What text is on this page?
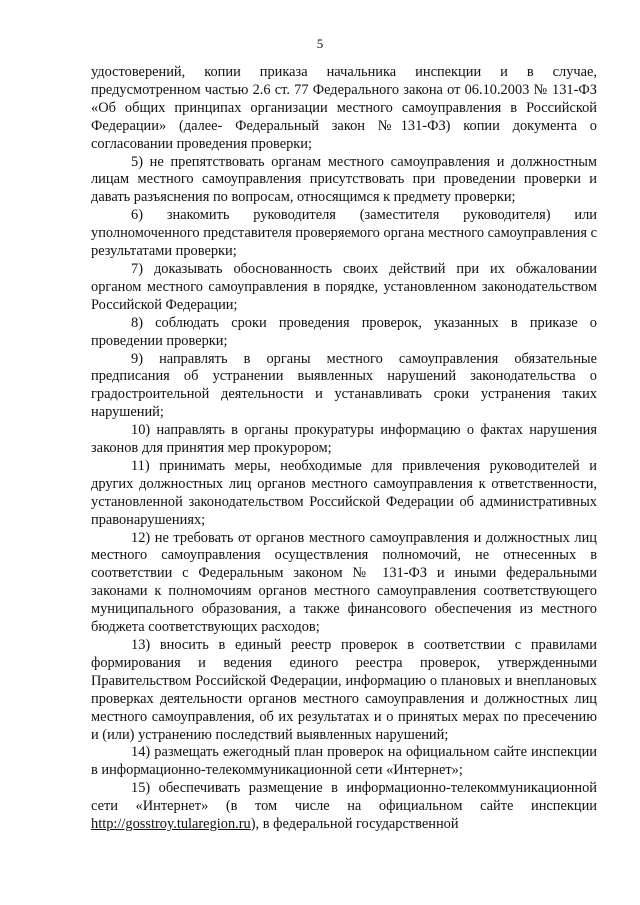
5

удостоверений, копии приказа начальника инспекции и в случае, предусмотренном частью 2.6 ст. 77 Федерального закона от 06.10.2003 № 131-ФЗ «Об общих принципах организации местного самоуправления в Российской Федерации» (далее- Федеральный закон №131-ФЗ) копии документа о согласовании проведения проверки;

5) не препятствовать органам местного самоуправления и должностным лицам местного самоуправления присутствовать при проведении проверки и давать разъяснения по вопросам, относящимся к предмету проверки;

6) знакомить руководителя (заместителя руководителя) или уполномоченного представителя проверяемого органа местного самоуправления с результатами проверки;

7) доказывать обоснованность своих действий при их обжаловании органом местного самоуправления в порядке, установленном законодательством Российской Федерации;

8) соблюдать сроки проведения проверок, указанных в приказе о проведении проверки;

9) направлять в органы местного самоуправления обязательные предписания об устранении выявленных нарушений законодательства о градостроительной деятельности и устанавливать сроки устранения таких нарушений;

10) направлять в органы прокуратуры информацию о фактах нарушения законов для принятия мер прокурором;

11) принимать меры, необходимые для привлечения руководителей и других должностных лиц органов местного самоуправления к ответственности, установленной законодательством Российской Федерации об административных правонарушениях;

12) не требовать от органов местного самоуправления и должностных лиц местного самоуправления осуществления полномочий, не отнесенных в соответствии с Федеральным законом № 131-ФЗ и иными федеральными законами к полномочиям органов местного самоуправления соответствующего муниципального образования, а также финансового обеспечения из местного бюджета соответствующих расходов;

13) вносить в единый реестр проверок в соответствии с правилами формирования и ведения единого реестра проверок, утвержденными Правительством Российской Федерации, информацию о плановых и внеплановых проверках деятельности органов местного самоуправления и должностных лиц местного самоуправления, об их результатах и о принятых мерах по пресечению и (или) устранению последствий выявленных нарушений;

14) размещать ежегодный план проверок на официальном сайте инспекции в информационно-телекоммуникационной сети «Интернет»;

15) обеспечивать размещение в информационно-телекоммуникационной сети «Интернет» (в том числе на официальном сайте инспекции http://gosstroy.tularegion.ru), в федеральной государственной
